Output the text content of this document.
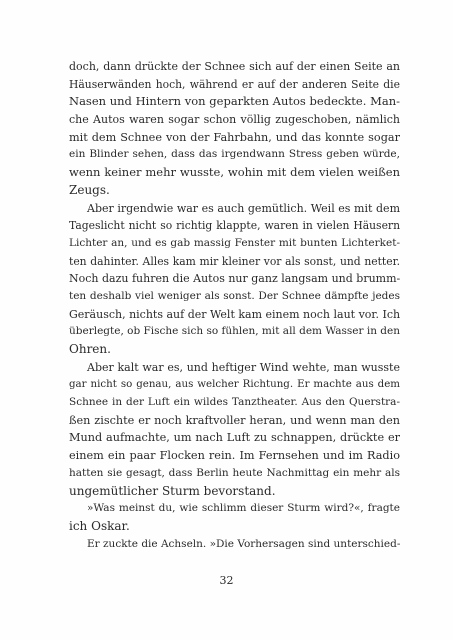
doch, dann drückte der Schnee sich auf der einen Seite an
Häuserwänden hoch, während er auf der anderen Seite die
Nasen und Hintern von geparkten Autos bedeckte. Man-
che Autos waren sogar schon völlig zugeschoben, nämlich
mit dem Schnee von der Fahrbahn, und das konnte sogar
ein Blinder sehen, dass das irgendwann Stress geben würde,
wenn keiner mehr wusste, wohin mit dem vielen weißen
Zeugs.
Aber irgendwie war es auch gemütlich. Weil es mit dem
Tageslicht nicht so richtig klappte, waren in vielen Häusern
Lichter an, und es gab massig Fenster mit bunten Lichterket-
ten dahinter. Alles kam mir kleiner vor als sonst, und netter.
Noch dazu fuhren die Autos nur ganz langsam und brumm-
ten deshalb viel weniger als sonst. Der Schnee dämpfte jedes
Geräusch, nichts auf der Welt kam einem noch laut vor. Ich
überlegte, ob Fische sich so fühlen, mit all dem Wasser in den
Ohren.
Aber kalt war es, und heftiger Wind wehte, man wusste
gar nicht so genau, aus welcher Richtung. Er machte aus dem
Schnee in der Luft ein wildes Tanztheater. Aus den Querstra-
ßen zischte er noch kraftvoller heran, und wenn man den
Mund aufmachte, um nach Luft zu schnappen, drückte er
einem ein paar Flocken rein. Im Fernsehen und im Radio
hatten sie gesagt, dass Berlin heute Nachmittag ein mehr als
ungemütlicher Sturm bevorstand.
»Was meinst du, wie schlimm dieser Sturm wird?«, fragte
ich Oskar.
Er zuckte die Achseln. »Die Vorhersagen sind unterschied-
32
